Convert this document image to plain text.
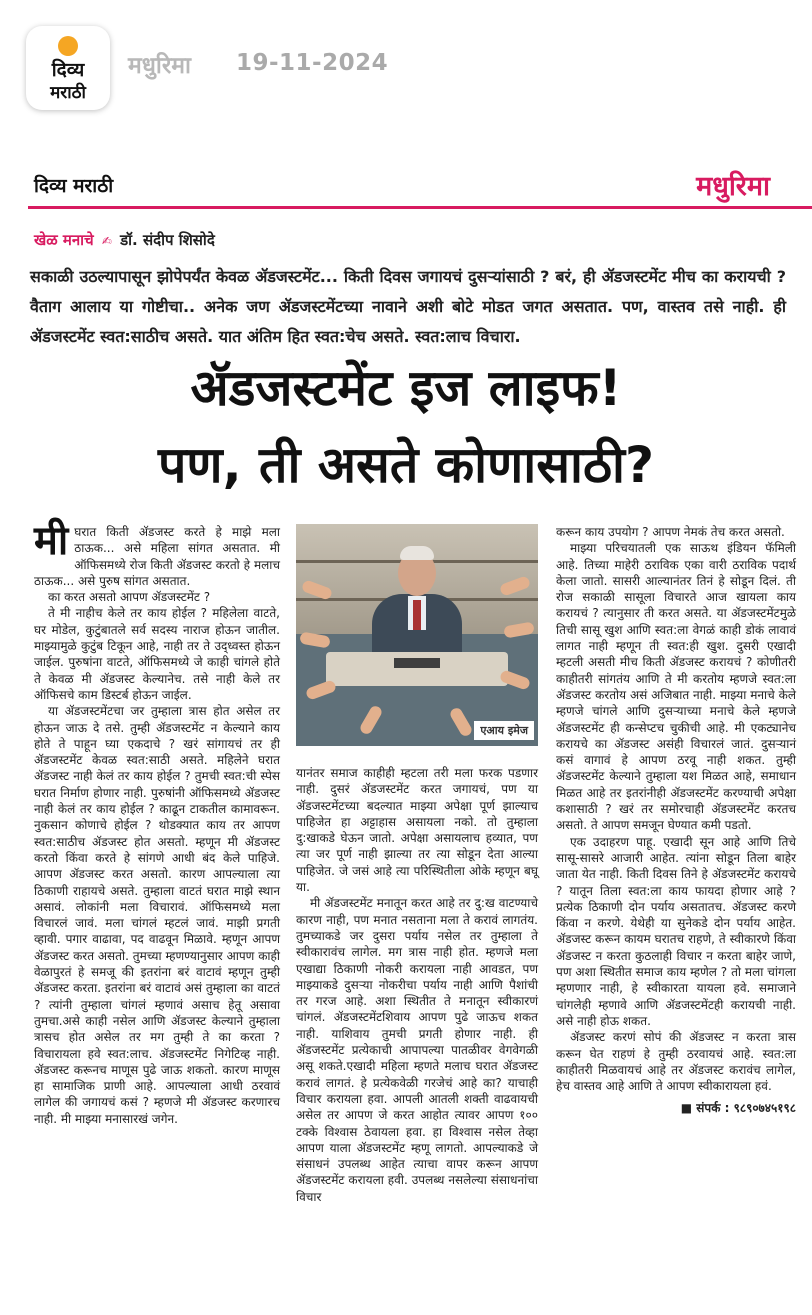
दिव्य
मराठी
मधुरिमा 19-11-2024
दिव्य मराठी	मधुरिमा
खेळ मनाचे ✍ डॉ. संदीप शिसोदे
सकाळी उठल्यापासून झोपेपर्यंत केवळ ॲडजस्टमेंट... किती दिवस जगायचं दुसऱ्यांसाठी ? बरं, ही ॲडजस्टमेंट मीच का करायची ? वैताग आलाय या गोष्टीचा.. अनेक जण ॲडजस्टमेंटच्या नावाने अशी बोटे मोडत जगत असतात. पण, वास्तव तसे नाही. ही ॲडजस्टमेंट स्वत:साठीच असते. यात अंतिम हित स्वत:चेच असते. स्वत:लाच विचारा.
ॲडजस्टमेंट इज लाइफ!
पण, ती असते कोणासाठी?

मीघरात किती ॲडजस्ट करते हे माझे मला ठाऊक... असे महिला सांगत असतात. मी ऑफिसमध्ये रोज किती ॲडजस्ट करतो हे मलाच ठाऊक... असे पुरुष सांगत असतात.

का करत असतो आपण ॲडजस्टमेंट ?

ते मी नाहीच केले तर काय होईल ? महिलेला वाटते, घर मोडेल, कुटुंबातले सर्व सदस्य नाराज होऊन जातील. माझ्यामुळे कुटुंब टिकून आहे, नाही तर ते उद्ध्वस्त होऊन जाईल. पुरुषांना वाटते, ऑफिसमध्ये जे काही चांगले होते ते केवळ मी ॲडजस्ट केल्यानेच. तसे नाही केले तर ऑफिसचे काम डिस्टर्ब होऊन जाईल.

या ॲडजस्टमेंटचा जर तुम्हाला त्रास होत असेल तर होऊन जाऊ दे तसे. तुम्ही ॲडजस्टमेंट न केल्याने काय होते ते पाहून घ्या एकदाचे ? खरं सांगायचं तर ही ॲडजस्टमेंट केवळ स्वत:साठी असते. महिलेने घरात ॲडजस्ट नाही केलं तर काय होईल ? तुमची स्वत:ची स्पेस घरात निर्माण होणार नाही. पुरुषांनी ऑफिसमध्ये ॲडजस्ट नाही केलं तर काय होईल ? काढून टाकतील कामावरून. नुकसान कोणाचे होईल ? थोडक्यात काय तर आपण स्वत:साठीच ॲडजस्ट होत असतो. म्हणून मी ॲडजस्ट करतो किंवा करते हे सांगणे आधी बंद केले पाहिजे. आपण ॲडजस्ट करत असतो. कारण आपल्याला त्या ठिकाणी राहायचे असते. तुम्हाला वाटतं घरात माझे स्थान असावं. लोकांनी मला विचारावं. ऑफिसमध्ये मला विचारलं जावं. मला चांगलं म्हटलं जावं. माझी प्रगती व्हावी. पगार वाढावा, पद वाढवून मिळावे. म्हणून आपण ॲडजस्ट करत असतो. तुमच्या म्हणण्यानुसार आपण काही वेळापुरतं हे समजू की इतरांना बरं वाटावं म्हणून तुम्ही ॲडजस्ट करता. इतरांना बरं वाटावं असं तुम्हाला का वाटतं ? त्यांनी तुम्हाला चांगलं म्हणावं असाच हेतू असावा तुमचा.असे काही नसेल आणि ॲडजस्ट केल्याने तुम्हाला त्रासच होत असेल तर मग तुम्ही ते का करता ? विचारायला हवे स्वत:लाच. ॲडजस्टमेंट निगेटिव्ह नाही. ॲडजस्ट करूनच माणूस पुढे जाऊ शकतो. कारण माणूस हा सामाजिक प्राणी आहे. आपल्याला आधी ठरवावं लागेल की जगायचं कसं ? म्हणजे मी ॲडजस्ट करणारच नाही. मी माझ्या मनासारखं जगेन.

एआय इमेज

यानंतर समाज काहीही म्हटला तरी मला फरक पडणार नाही. दुसरं ॲडजस्टमेंट करत जगायचं, पण या ॲडजस्टमेंटच्या बदल्यात माझ्या अपेक्षा पूर्ण झाल्याच पाहिजेत हा अट्टाहास असायला नको. तो तुम्हाला दु:खाकडे घेऊन जातो. अपेक्षा असायलाच हव्यात, पण त्या जर पूर्ण नाही झाल्या तर त्या सोडून देता आल्या पाहिजेत. जे जसं आहे त्या परिस्थितीला ओके म्हणून बघू या.

मी ॲडजस्टमेंट मनातून करत आहे तर दु:ख वाटण्याचे कारण नाही, पण मनात नसताना मला ते करावं लागतंय. तुमच्याकडे जर दुसरा पर्याय नसेल तर तुम्हाला ते स्वीकारावंच लागेल. मग त्रास नाही होत. म्हणजे मला एखाद्या ठिकाणी नोकरी करायला नाही आवडत, पण माझ्याकडे दुसऱ्या नोकरीचा पर्याय नाही आणि पैशांची तर गरज आहे. अशा स्थितीत ते मनातून स्वीकारणं चांगलं. ॲडजस्टमेंटशिवाय आपण पुढे जाऊच शकत नाही. याशिवाय तुमची प्रगती होणार नाही. ही ॲडजस्टमेंट प्रत्येकाची आपापल्या पातळीवर वेगवेगळी असू शकते.एखादी महिला म्हणते मलाच घरात ॲडजस्ट करावं लागतं. हे प्रत्येकवेळी गरजेचं आहे का? याचाही विचार करायला हवा. आपली आतली शक्ती वाढवायची असेल तर आपण जे करत आहोत त्यावर आपण १०० टक्के विश्वास ठेवायला हवा. हा विश्वास नसेल तेव्हा आपण याला ॲडजस्टमेंट म्हणू लागतो. आपल्याकडे जे संसाधनं उपलब्ध आहेत त्याचा वापर करून आपण ॲडजस्टमेंट करायला हवी. उपलब्ध नसलेल्या संसाधनांचा विचार

करून काय उपयोग ? आपण नेमकं तेच करत असतो.

माझ्या परिचयातली एक साऊथ इंडियन फॅमिली आहे. तिच्या माहेरी ठराविक एका वारी ठराविक पदार्थ केला जातो. सासरी आल्यानंतर तिनं हे सोडून दिलं. ती रोज सकाळी सासूला विचारते आज खायला काय करायचं ? त्यानुसार ती करत असते. या ॲडजस्टमेंटमुळे तिची सासू खुश आणि स्वत:ला वेगळं काही डोकं लावावं लागत नाही म्हणून ती स्वत:ही खुश. दुसरी एखादी म्हटली असती मीच किती ॲडजस्ट करायचं ? कोणीतरी काहीतरी सांगतंय आणि ते मी करतोय म्हणजे स्वत:ला ॲडजस्ट करतोय असं अजिबात नाही. माझ्या मनाचे केले म्हणजे चांगले आणि दुसऱ्याच्या मनाचे केले म्हणजे ॲडजस्टमेंट ही कन्सेप्टच चुकीची आहे. मी एकट्यानेच करायचे का ॲडजस्ट असंही विचारलं जातं. दुसऱ्यानं कसं वागावं हे आपण ठरवू नाही शकत. तुम्ही ॲडजस्टमेंट केल्याने तुम्हाला यश मिळत आहे, समाधान मिळत आहे तर इतरांनीही ॲडजस्टमेंट करण्याची अपेक्षा कशासाठी ? खरं तर समोरचाही ॲडजस्टमेंट करतच असतो. ते आपण समजून घेण्यात कमी पडतो.

एक उदाहरण पाहू. एखादी सून आहे आणि तिचे सासू-सासरे आजारी आहेत. त्यांना सोडून तिला बाहेर जाता येत नाही. किती दिवस तिने हे ॲडजस्टमेंट करायचे ? यातून तिला स्वत:ला काय फायदा होणार आहे ? प्रत्येक ठिकाणी दोन पर्याय असतातच. ॲडजस्ट करणे किंवा न करणे. येथेही या सुनेकडे दोन पर्याय आहेत. ॲडजस्ट करून कायम घरातच राहणे, ते स्वीकारणे किंवा ॲडजस्ट न करता कुठलाही विचार न करता बाहेर जाणे, पण अशा स्थितीत समाज काय म्हणेल ? तो मला चांगला म्हणणार नाही, हे स्वीकारता यायला हवे. समाजाने चांगलेही म्हणावे आणि ॲडजस्टमेंटही करायची नाही. असे नाही होऊ शकत.

ॲडजस्ट करणं सोपं की ॲडजस्ट न करता त्रास करून घेत राहणं हे तुम्ही ठरवायचं आहे. स्वत:ला काहीतरी मिळवायचं आहे तर ॲडजस्ट करावंच लागेल, हेच वास्तव आहे आणि ते आपण स्वीकारायला हवं.

■ संपर्क : ९८९०७४५१९८
